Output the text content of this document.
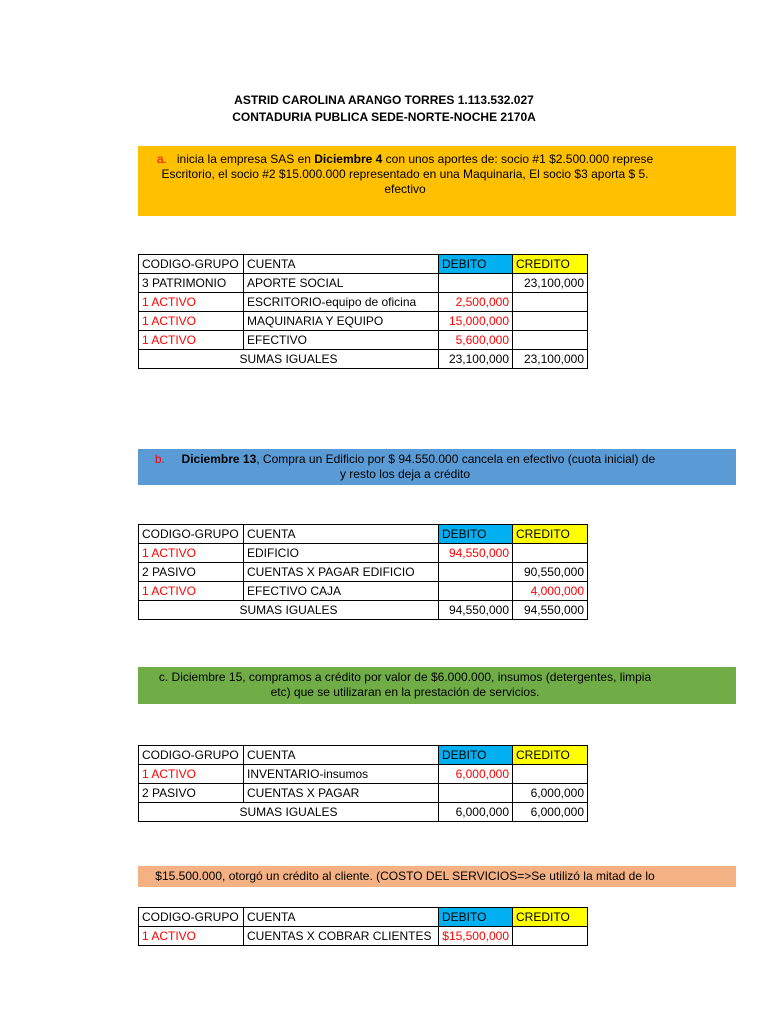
ASTRID CAROLINA ARANGO TORRES 1.113.532.027
CONTADURIA PUBLICA SEDE-NORTE-NOCHE 2170A
a. inicia la empresa SAS en Diciembre 4 con unos aportes de: socio #1 $2.500.000 represe
Escritorio, el socio #2 $15.000.000 representado en una Maquinaria, El socio $3 aporta $ 5.
efectivo
CODIGO-GRUPO	CUENTA	DEBITO	CREDITO
3 PATRIMONIO	APORTE SOCIAL		23,100,000
1 ACTIVO	ESCRITORIO-equipo de oficina	2,500,000	
1 ACTIVO	MAQUINARIA Y EQUIPO	15,000,000	
1 ACTIVO	EFECTIVO	5,600,000	
SUMAS IGUALES		23,100,000	23,100,000
b. Diciembre 13, Compra un Edificio por $ 94.550.000 cancela en efectivo (cuota inicial) de
y resto los deja a crédito
CODIGO-GRUPO	CUENTA	DEBITO	CREDITO
1 ACTIVO	EDIFICIO	94,550,000	
2 PASIVO	CUENTAS X PAGAR EDIFICIO		90,550,000
1 ACTIVO	EFECTIVO CAJA		4,000,000
SUMAS IGUALES		94,550,000	94,550,000
c. Diciembre 15, compramos a crédito por valor de $6.000.000, insumos (detergentes, limpia
etc) que se utilizaran en la prestación de servicios.
CODIGO-GRUPO	CUENTA	DEBITO	CREDITO
1 ACTIVO	INVENTARIO-insumos	6,000,000	
2 PASIVO	CUENTAS X PAGAR		6,000,000
SUMAS IGUALES		6,000,000	6,000,000
$15.500.000, otorgó un crédito al cliente. (COSTO DEL SERVICIOS=>Se utilizó la mitad de lo
CODIGO-GRUPO	CUENTA	DEBITO	CREDITO
1 ACTIVO	CUENTAS X COBRAR CLIENTES	$15,500,000	
